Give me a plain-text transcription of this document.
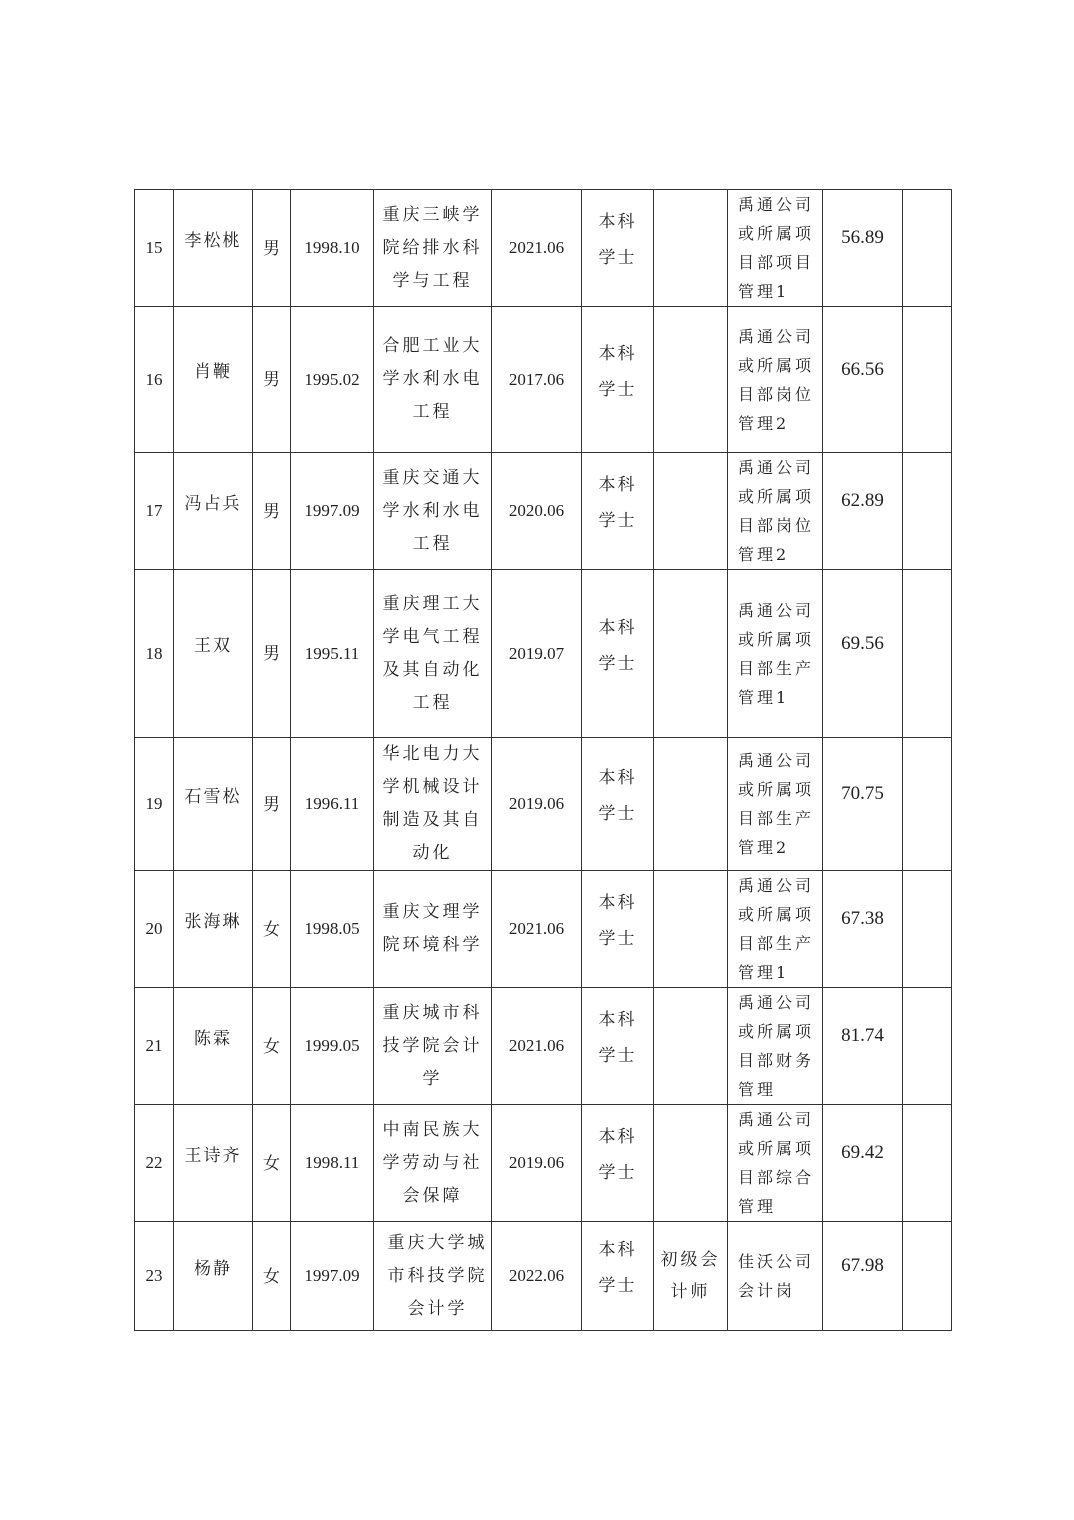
15	李松桃	男	1998.10	重庆三峡学院给排水科学与工程	2021.06	本科学士		禹通公司或所属项目部项目管理1	56.89	
16	肖鞭	男	1995.02	合肥工业大学水利水电工程	2017.06	本科学士		禹通公司或所属项目部岗位管理2	66.56	
17	冯占兵	男	1997.09	重庆交通大学水利水电工程	2020.06	本科学士		禹通公司或所属项目部岗位管理2	62.89	
18	王双	男	1995.11	重庆理工大学电气工程及其自动化工程	2019.07	本科学士		禹通公司或所属项目部生产管理1	69.56	
19	石雪松	男	1996.11	华北电力大学机械设计制造及其自动化	2019.06	本科学士		禹通公司或所属项目部生产管理2	70.75	
20	张海琳	女	1998.05	重庆文理学院环境科学	2021.06	本科学士		禹通公司或所属项目部生产管理1	67.38	
21	陈霖	女	1999.05	重庆城市科技学院会计学	2021.06	本科学士		禹通公司或所属项目部财务管理	81.74	
22	王诗齐	女	1998.11	中南民族大学劳动与社会保障	2019.06	本科学士		禹通公司或所属项目部综合管理	69.42	
23	杨静	女	1997.09	重庆大学城市科技学院会计学	2022.06	本科学士	初级会计师	佳沃公司会计岗	67.98	
